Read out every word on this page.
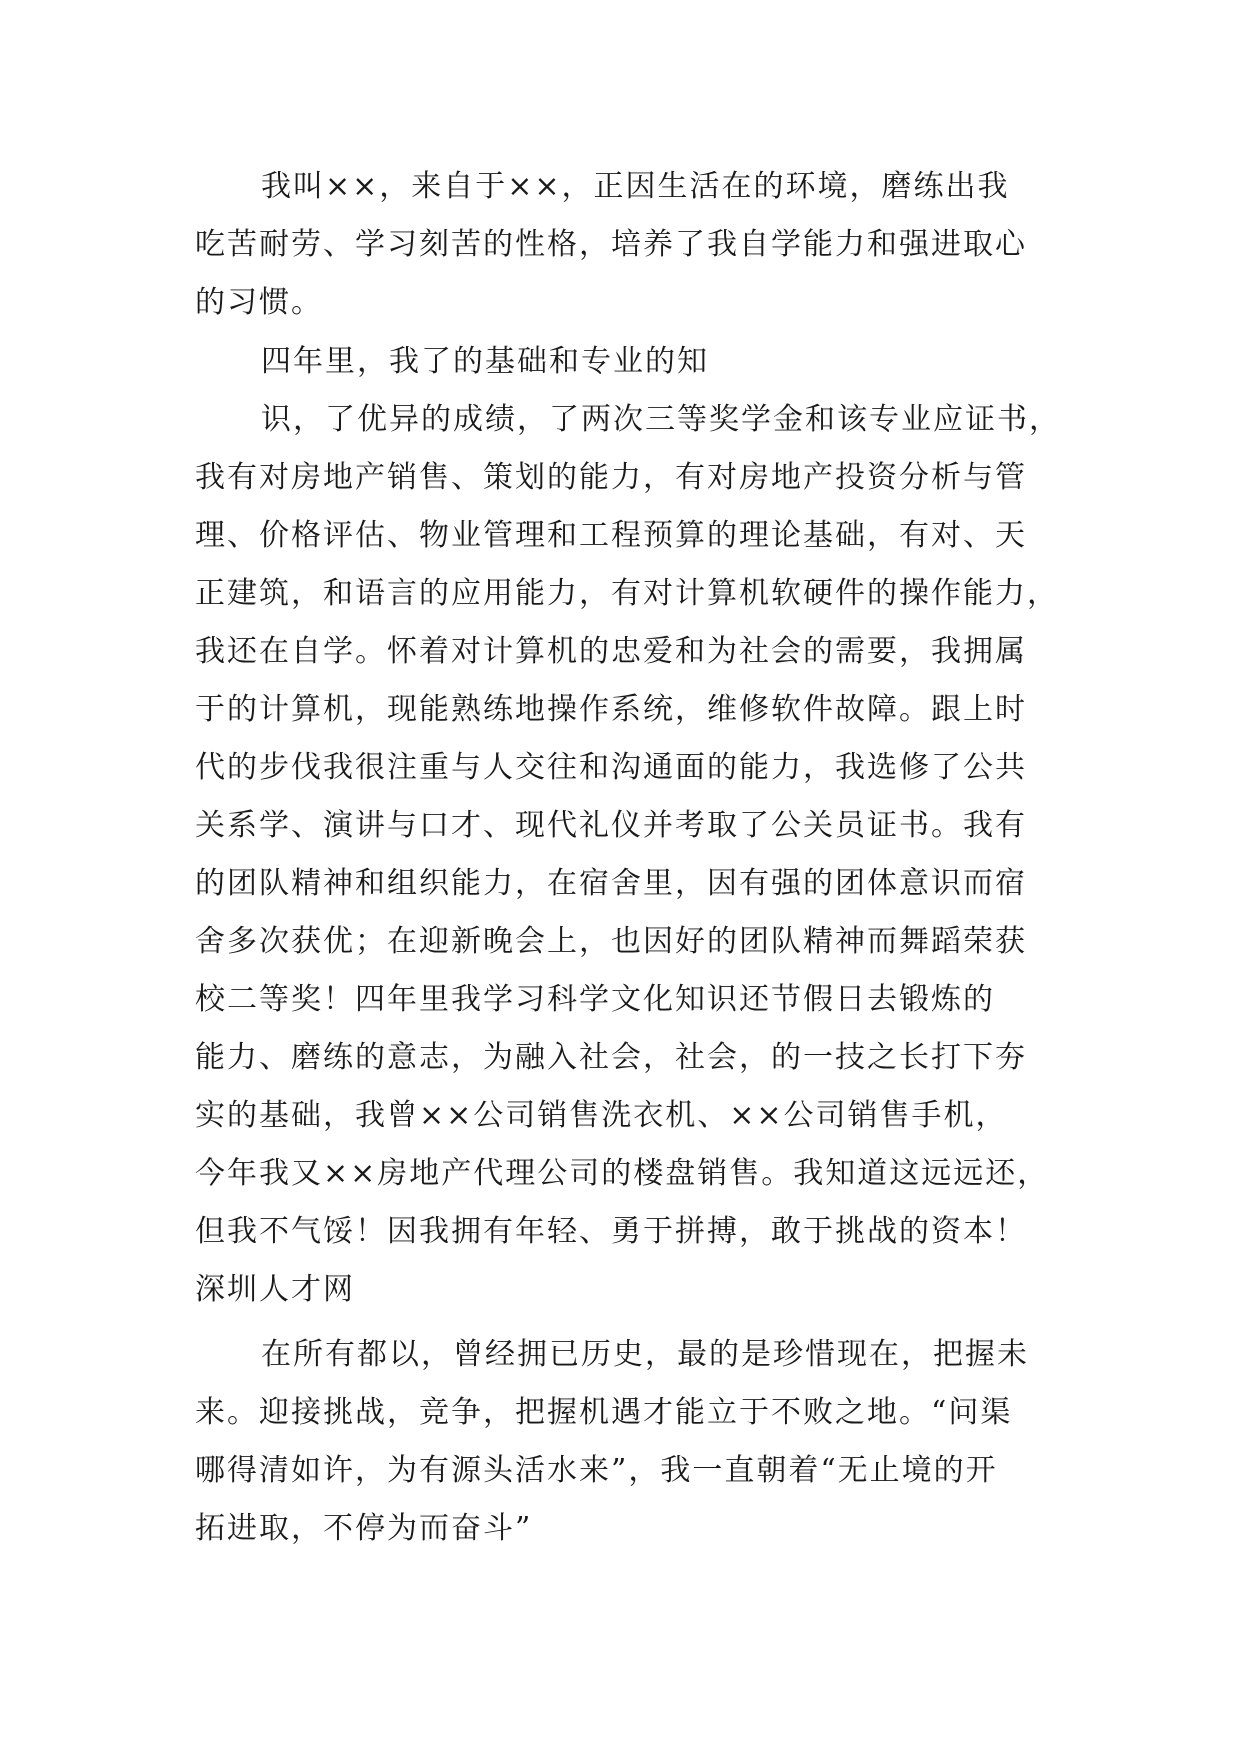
我叫××，来自于××，正因生活在的环境，磨练出我
吃苦耐劳、学习刻苦的性格，培养了我自学能力和强进取心
的习惯。
四年里，我了的基础和专业的知
识，了优异的成绩，了两次三等奖学金和该专业应证书，
我有对房地产销售、策划的能力，有对房地产投资分析与管
理、价格评估、物业管理和工程预算的理论基础，有对、天
正建筑，和语言的应用能力，有对计算机软硬件的操作能力，
我还在自学。怀着对计算机的忠爱和为社会的需要，我拥属
于的计算机，现能熟练地操作系统，维修软件故障。跟上时
代的步伐我很注重与人交往和沟通面的能力，我选修了公共
关系学、演讲与口才、现代礼仪并考取了公关员证书。我有
的团队精神和组织能力，在宿舍里，因有强的团体意识而宿
舍多次获优；在迎新晚会上，也因好的团队精神而舞蹈荣获
校二等奖！四年里我学习科学文化知识还节假日去锻炼的
能力、磨练的意志，为融入社会，社会，的一技之长打下夯
实的基础，我曾××公司销售洗衣机、××公司销售手机，
今年我又××房地产代理公司的楼盘销售。我知道这远远还，
但我不气馁！因我拥有年轻、勇于拼搏，敢于挑战的资本！
深圳人才网
在所有都以，曾经拥已历史，最的是珍惜现在，把握未
来。迎接挑战，竞争，把握机遇才能立于不败之地。“问渠
哪得清如许，为有源头活水来”，我一直朝着“无止境的开
拓进取，不停为而奋斗”
